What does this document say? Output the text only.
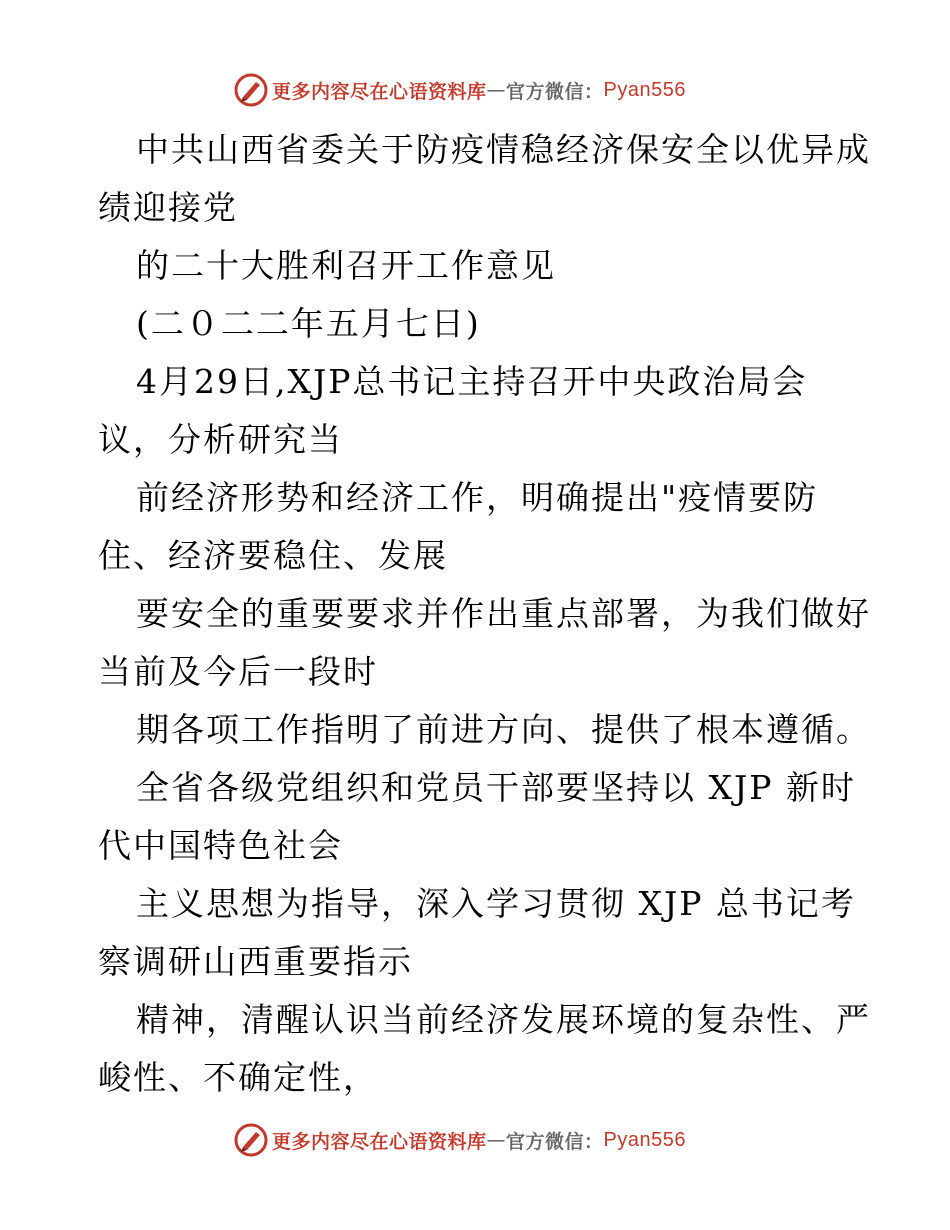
更多内容尽在心语资料库 — 官方微信： Pyan556
中共山西省委关于防疫情稳经济保安全以优异成
绩迎接党
的二十大胜利召开工作意见
(二０二二年五月七日)
4月29日,XJP总书记主持召开中央政治局会
议，分析研究当
前经济形势和经济工作，明确提出"疫情要防
住、经济要稳住、发展
要安全的重要要求并作出重点部署，为我们做好
当前及今后一段时
期各项工作指明了前进方向、提供了根本遵循。
全省各级党组织和党员干部要坚持以 XJP 新时
代中国特色社会
主义思想为指导，深入学习贯彻 XJP 总书记考
察调研山西重要指示
精神，清醒认识当前经济发展环境的复杂性、严
峻性、不确定性，
更多内容尽在心语资料库 — 官方微信： Pyan556
